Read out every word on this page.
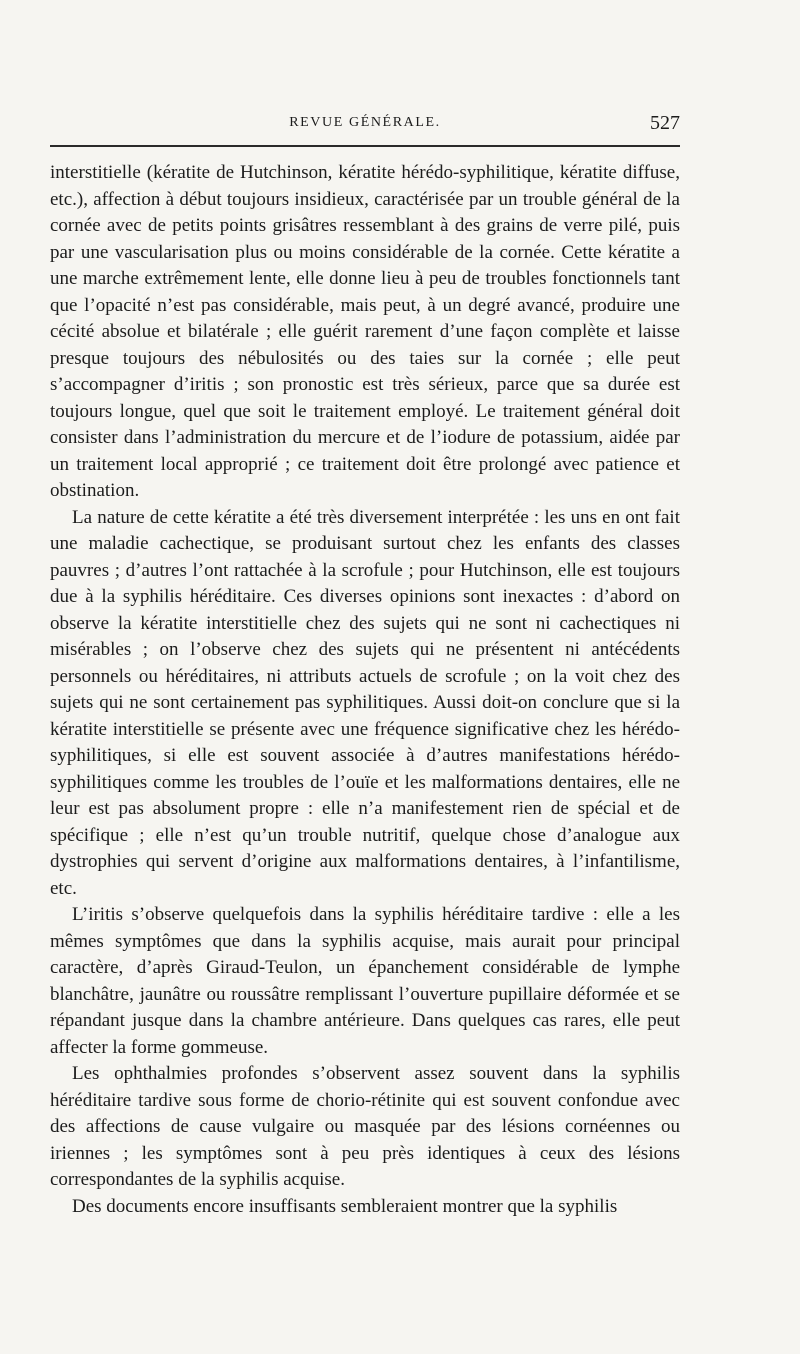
REVUE GÉNÉRALE.	527

interstitielle (kératite de Hutchinson, kératite hérédo-syphilitique, kératite diffuse, etc.), affection à début toujours insidieux, caractérisée par un trouble général de la cornée avec de petits points grisâtres ressemblant à des grains de verre pilé, puis par une vascularisation plus ou moins considérable de la cornée. Cette kératite a une marche extrêmement lente, elle donne lieu à peu de troubles fonctionnels tant que l’opacité n’est pas considérable, mais peut, à un degré avancé, produire une cécité absolue et bilatérale ; elle guérit rarement d’une façon complète et laisse presque toujours des nébulosités ou des taies sur la cornée ; elle peut s’accompagner d’iritis ; son pronostic est très sérieux, parce que sa durée est toujours longue, quel que soit le traitement employé. Le traitement général doit consister dans l’administration du mercure et de l’iodure de potassium, aidée par un traitement local approprié ; ce traitement doit être prolongé avec patience et obstination.

La nature de cette kératite a été très diversement interprétée : les uns en ont fait une maladie cachectique, se produisant surtout chez les enfants des classes pauvres ; d’autres l’ont rattachée à la scrofule ; pour Hutchinson, elle est toujours due à la syphilis héréditaire. Ces diverses opinions sont inexactes : d’abord on observe la kératite interstitielle chez des sujets qui ne sont ni cachectiques ni misérables ; on l’observe chez des sujets qui ne présentent ni antécédents personnels ou héréditaires, ni attributs actuels de scrofule ; on la voit chez des sujets qui ne sont certainement pas syphilitiques. Aussi doit-on conclure que si la kératite interstitielle se présente avec une fréquence significative chez les hérédo-syphilitiques, si elle est souvent associée à d’autres manifestations hérédo-syphilitiques comme les troubles de l’ouïe et les malformations dentaires, elle ne leur est pas absolument propre : elle n’a manifestement rien de spécial et de spécifique ; elle n’est qu’un trouble nutritif, quelque chose d’analogue aux dystrophies qui servent d’origine aux malformations dentaires, à l’infantilisme, etc.

L’iritis s’observe quelquefois dans la syphilis héréditaire tardive : elle a les mêmes symptômes que dans la syphilis acquise, mais aurait pour principal caractère, d’après Giraud-Teulon, un épanchement considérable de lymphe blanchâtre, jaunâtre ou roussâtre remplissant l’ouverture pupillaire déformée et se répandant jusque dans la chambre antérieure. Dans quelques cas rares, elle peut affecter la forme gommeuse.

Les ophthalmies profondes s’observent assez souvent dans la syphilis héréditaire tardive sous forme de chorio-rétinite qui est souvent confondue avec des affections de cause vulgaire ou masquée par des lésions cornéennes ou iriennes ; les symptômes sont à peu près identiques à ceux des lésions correspondantes de la syphilis acquise.

Des documents encore insuffisants sembleraient montrer que la syphilis
